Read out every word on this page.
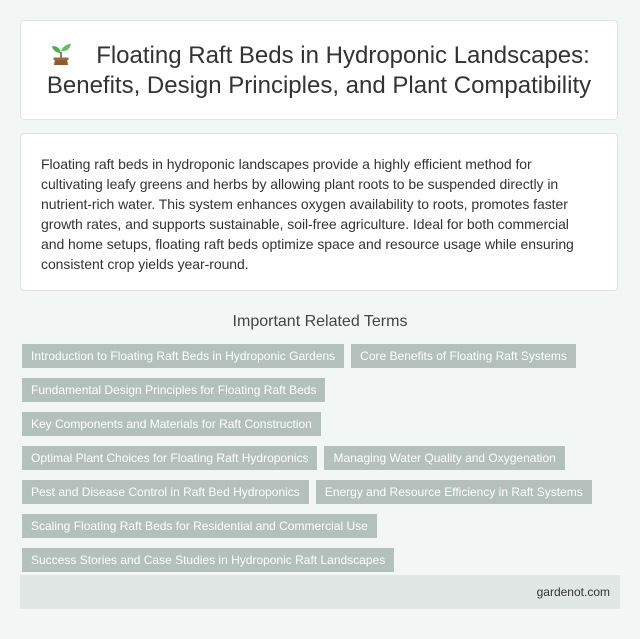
Floating Raft Beds in Hydroponic Landscapes: Benefits, Design Principles, and Plant Compatibility

Floating raft beds in hydroponic landscapes provide a highly efficient method for cultivating leafy greens and herbs by allowing plant roots to be suspended directly in nutrient-rich water. This system enhances oxygen availability to roots, promotes faster growth rates, and supports sustainable, soil-free agriculture. Ideal for both commercial and home setups, floating raft beds optimize space and resource usage while ensuring consistent crop yields year-round.

Important Related Terms
Introduction to Floating Raft Beds in Hydroponic Gardens	Core Benefits of Floating Raft Systems
Fundamental Design Principles for Floating Raft Beds
Key Components and Materials for Raft Construction
Optimal Plant Choices for Floating Raft Hydroponics	Managing Water Quality and Oxygenation
Pest and Disease Control in Raft Bed Hydroponics	Energy and Resource Efficiency in Raft Systems
Scaling Floating Raft Beds for Residential and Commercial Use
Success Stories and Case Studies in Hydroponic Raft Landscapes
gardenot.com
